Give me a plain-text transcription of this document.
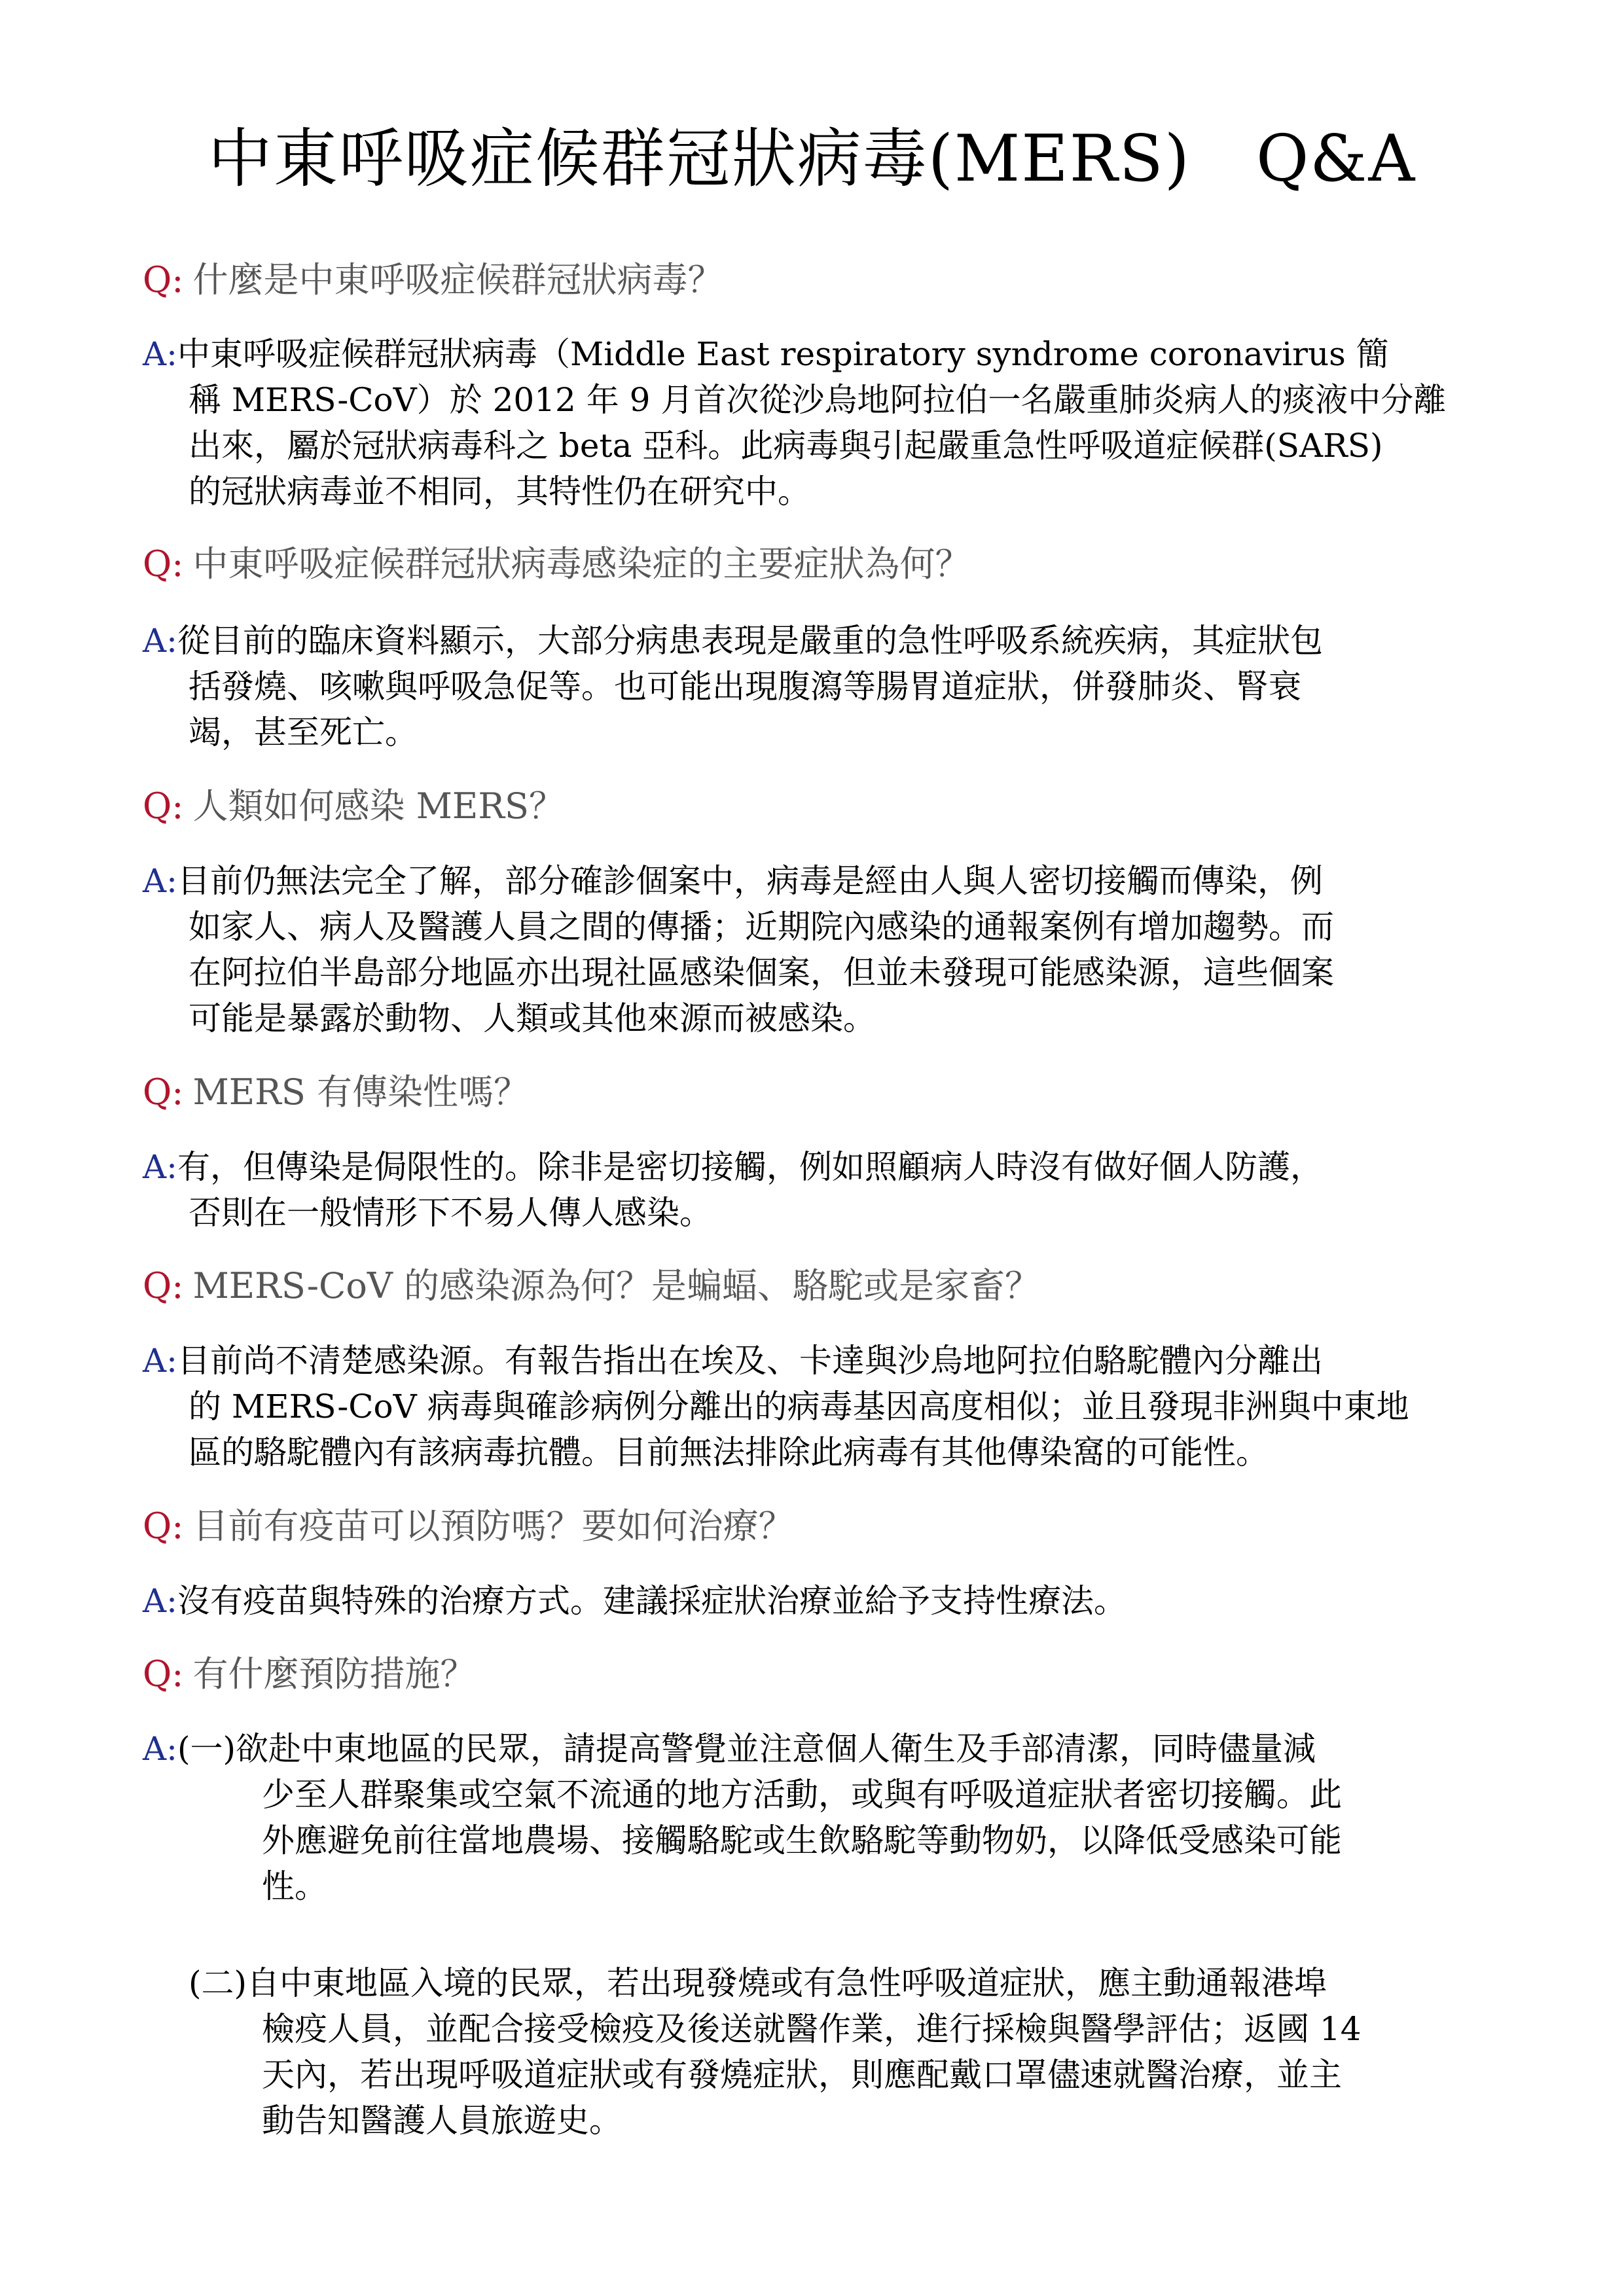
中東呼吸症候群冠狀病毒(MERS)　Q&A
Q: 什麼是中東呼吸症候群冠狀病毒？
A:中東呼吸症候群冠狀病毒（Middle East respiratory syndrome coronavirus 簡
稱 MERS-CoV）於 2012 年 9 月首次從沙烏地阿拉伯一名嚴重肺炎病人的痰液中分離
出來，屬於冠狀病毒科之 beta 亞科。此病毒與引起嚴重急性呼吸道症候群(SARS)
的冠狀病毒並不相同，其特性仍在研究中。
Q: 中東呼吸症候群冠狀病毒感染症的主要症狀為何？
A:從目前的臨床資料顯示，大部分病患表現是嚴重的急性呼吸系統疾病，其症狀包
括發燒、咳嗽與呼吸急促等。也可能出現腹瀉等腸胃道症狀，併發肺炎、腎衰
竭，甚至死亡。
Q: 人類如何感染 MERS？
A:目前仍無法完全了解，部分確診個案中，病毒是經由人與人密切接觸而傳染，例
如家人、病人及醫護人員之間的傳播；近期院內感染的通報案例有增加趨勢。而
在阿拉伯半島部分地區亦出現社區感染個案，但並未發現可能感染源，這些個案
可能是暴露於動物、人類或其他來源而被感染。
Q: MERS 有傳染性嗎？
A:有，但傳染是侷限性的。除非是密切接觸，例如照顧病人時沒有做好個人防護，
否則在一般情形下不易人傳人感染。
Q: MERS-CoV 的感染源為何？是蝙蝠、駱駝或是家畜？
A:目前尚不清楚感染源。有報告指出在埃及、卡達與沙烏地阿拉伯駱駝體內分離出
的 MERS-CoV 病毒與確診病例分離出的病毒基因高度相似；並且發現非洲與中東地
區的駱駝體內有該病毒抗體。目前無法排除此病毒有其他傳染窩的可能性。
Q: 目前有疫苗可以預防嗎？要如何治療？
A:沒有疫苗與特殊的治療方式。建議採症狀治療並給予支持性療法。
Q: 有什麼預防措施？
A:(一)欲赴中東地區的民眾，請提高警覺並注意個人衛生及手部清潔，同時儘量減
少至人群聚集或空氣不流通的地方活動，或與有呼吸道症狀者密切接觸。此
外應避免前往當地農場、接觸駱駝或生飲駱駝等動物奶，以降低受感染可能
性。
(二)自中東地區入境的民眾，若出現發燒或有急性呼吸道症狀，應主動通報港埠
檢疫人員，並配合接受檢疫及後送就醫作業，進行採檢與醫學評估；返國 14
天內，若出現呼吸道症狀或有發燒症狀，則應配戴口罩儘速就醫治療，並主
動告知醫護人員旅遊史。
